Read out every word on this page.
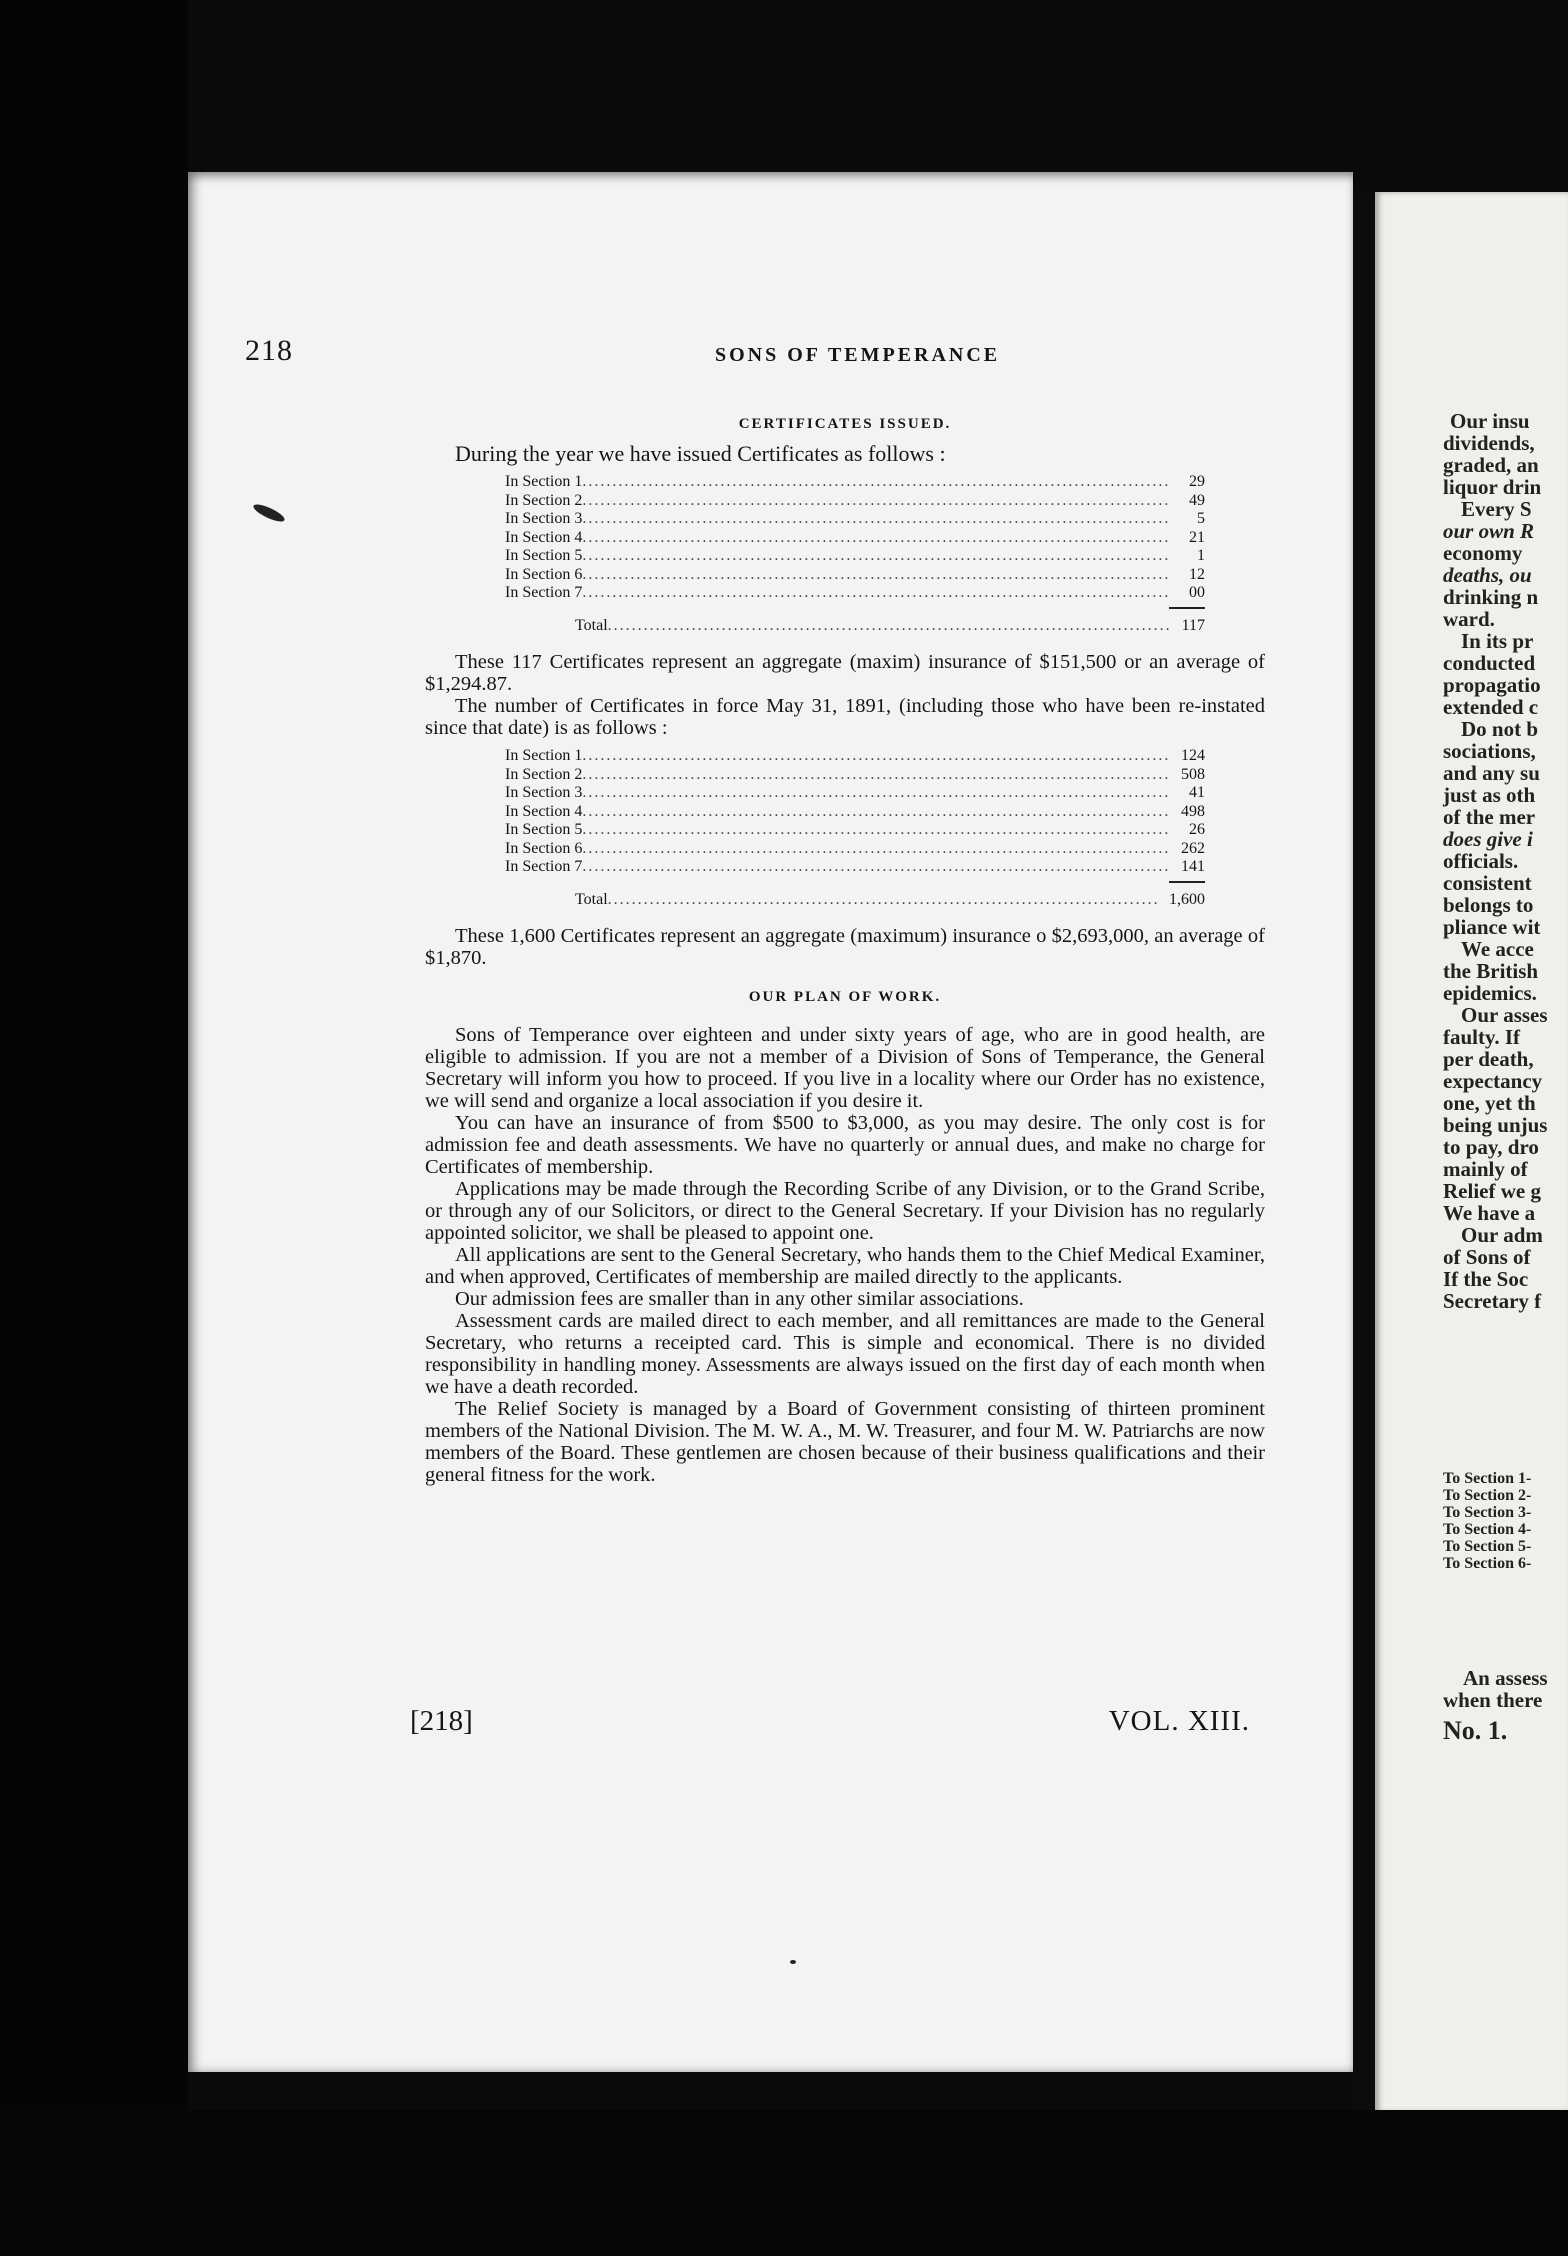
218	SONS OF TEMPERANCE
CERTIFICATES ISSUED.

During the year we have issued Certificates as follows :

In Section 1 .....	29
In Section 2 .....	49
In Section 3 .....	5
In Section 4 .....	21
In Section 5 .....	1
In Section 6 .....	12
In Section 7 .....	00
Total .....	117

These 117 Certificates represent an aggregate (maxim) insurance of $151,500 or an average of $1,294.87.

The number of Certificates in force May 31, 1891, (including those who have been re-instated since that date) is as follows :

In Section 1 .....	124
In Section 2 .....	508
In Section 3 .....	41
In Section 4 .....	498
In Section 5 .....	26
In Section 6 .....	262
In Section 7 .....	141
Total .....	1,600

These 1,600 Certificates represent an aggregate (maximum) insurance o $2,693,000, an average of $1,870.

OUR PLAN OF WORK.

Sons of Temperance over eighteen and under sixty years of age, who are in good health, are eligible to admission. If you are not a member of a Division of Sons of Temperance, the General Secretary will inform you how to proceed. If you live in a locality where our Order has no existence, we will send and organize a local association if you desire it.

You can have an insurance of from $500 to $3,000, as you may desire. The only cost is for admission fee and death assessments. We have no quarterly or annual dues, and make no charge for Certificates of membership.

Applications may be made through the Recording Scribe of any Division, or to the Grand Scribe, or through any of our Solicitors, or direct to the General Secretary. If your Division has no regularly appointed solicitor, we shall be pleased to appoint one.

All applications are sent to the General Secretary, who hands them to the Chief Medical Examiner, and when approved, Certificates of membership are mailed directly to the applicants.

Our admission fees are smaller than in any other similar associations.

Assessment cards are mailed direct to each member, and all remittances are made to the General Secretary, who returns a receipted card. This is simple and economical. There is no divided responsibility in handling money. Assessments are always issued on the first day of each month when we have a death recorded.

The Relief Society is managed by a Board of Government consisting of thirteen prominent members of the National Division. The M. W. A., M. W. Treasurer, and four M. W. Patriarchs are now members of the Board. These gentlemen are chosen because of their business qualifications and their general fitness for the work.

[218]	VOL. XIII.
Our insu
dividends,
graded, an
liquor drin
Every S
our own R
economy
deaths, ou
drinking n
ward.
In its pr
conducted
propagatio
extended c
Do not b
sociations,
and any su
just as oth
of the mer
does give i
officials.
consistent
belongs to
pliance wit
We acce
the British
epidemics.
Our asses
faulty. If
per death,
expectancy
one, yet th
being unjus
to pay, dro
mainly of
Relief we g
We have a
Our adm
of Sons of
If the Soc
Secretary f
To Section 1-
To Section 2-
To Section 3-
To Section 4-
To Section 5-
To Section 6-
An assess
when there
No. 1.
